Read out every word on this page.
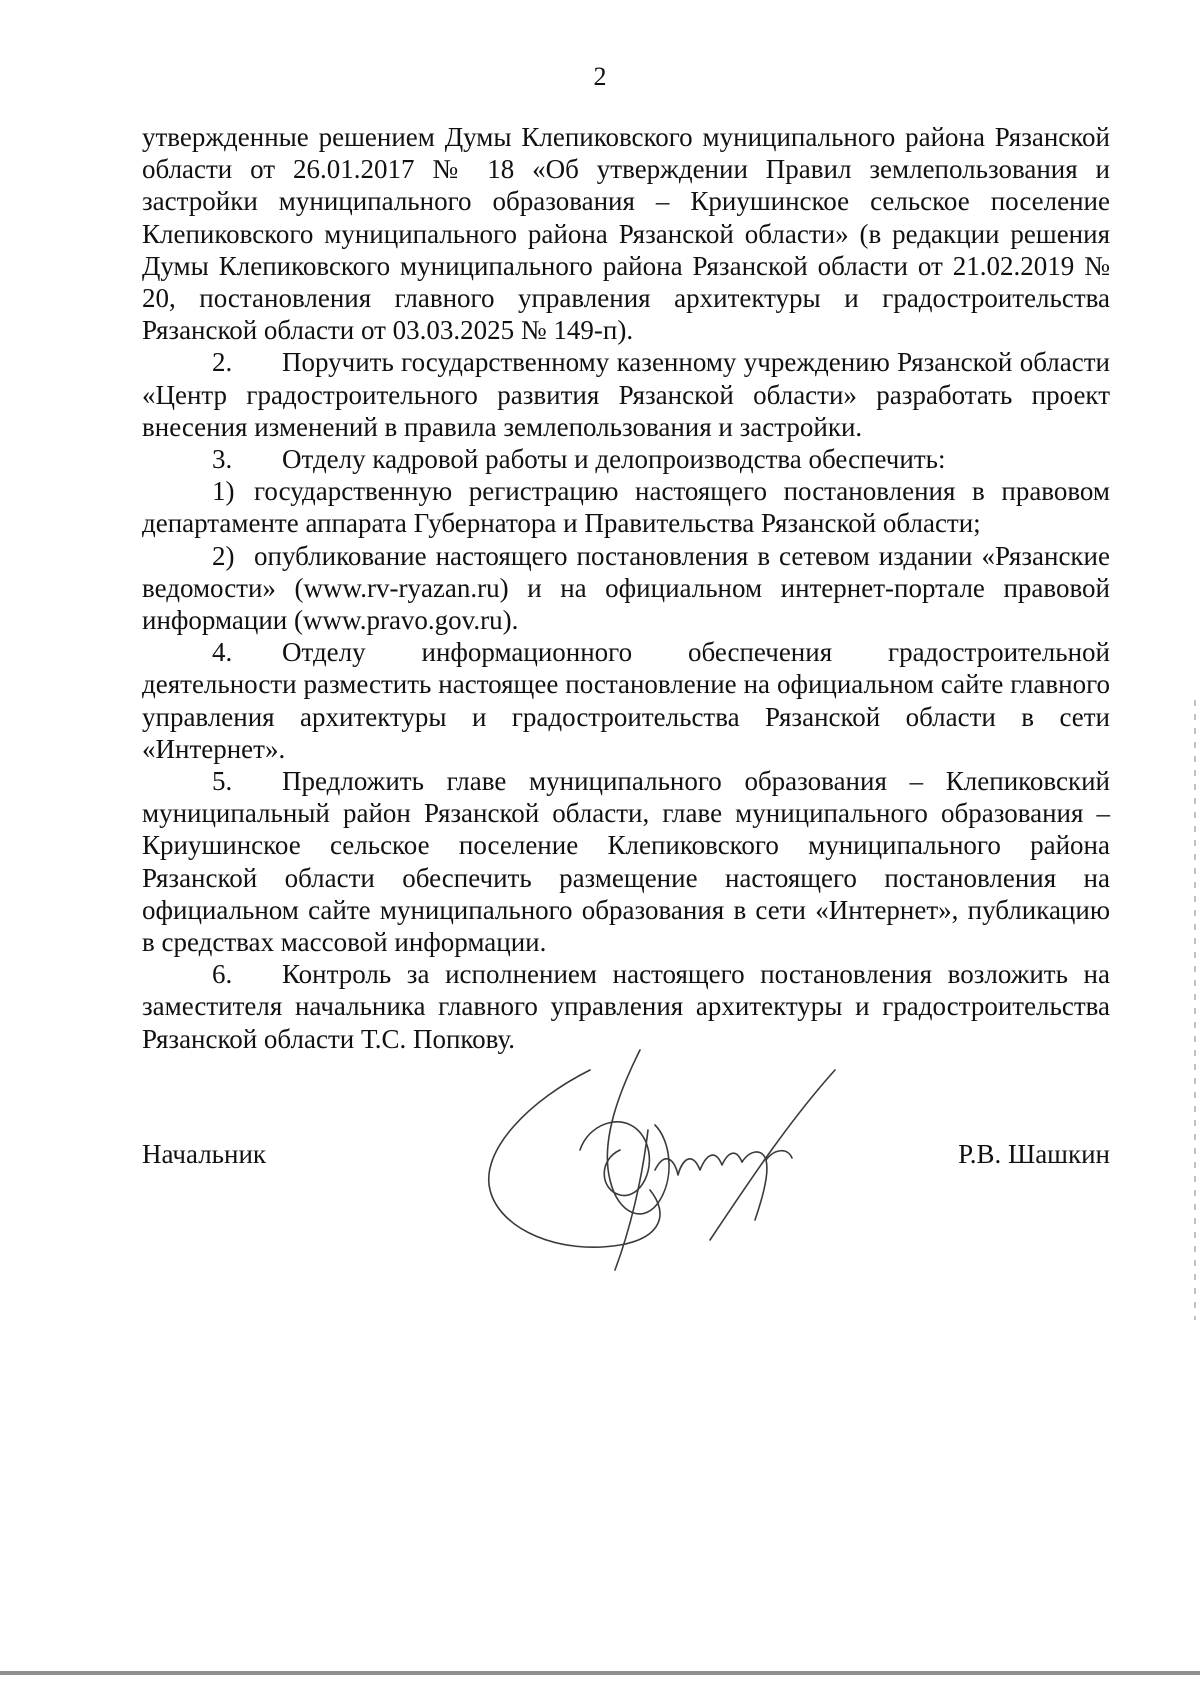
2

утвержденные решением Думы Клепиковского муниципального района Рязанской области от 26.01.2017 № 18 «Об утверждении Правил землепользования и застройки муниципального образования – Криушинское сельское поселение Клепиковского муниципального района Рязанской области» (в редакции решения Думы Клепиковского муниципального района Рязанской области от 21.02.2019 № 20, постановления главного управления архитектуры и градостроительства Рязанской области от 03.03.2025 № 149-п).

2. Поручить государственному казенному учреждению Рязанской области «Центр градостроительного развития Рязанской области» разработать проект внесения изменений в правила землепользования и застройки.

3. Отделу кадровой работы и делопроизводства обеспечить:

1) государственную регистрацию настоящего постановления в правовом департаменте аппарата Губернатора и Правительства Рязанской области;

2) опубликование настоящего постановления в сетевом издании «Рязанские ведомости» (www.rv-ryazan.ru) и на официальном интернет-портале правовой информации (www.pravo.gov.ru).

4. Отделу информационного обеспечения градостроительной деятельности разместить настоящее постановление на официальном сайте главного управления архитектуры и градостроительства Рязанской области в сети «Интернет».

5. Предложить главе муниципального образования – Клепиковский муниципальный район Рязанской области, главе муниципального образования – Криушинское сельское поселение Клепиковского муниципального района Рязанской области обеспечить размещение настоящего постановления на официальном сайте муниципального образования в сети «Интернет», публикацию в средствах массовой информации.

6. Контроль за исполнением настоящего постановления возложить на заместителя начальника главного управления архитектуры и градостроительства Рязанской области Т.С. Попкову.

Начальник	Р.В. Шашкин
